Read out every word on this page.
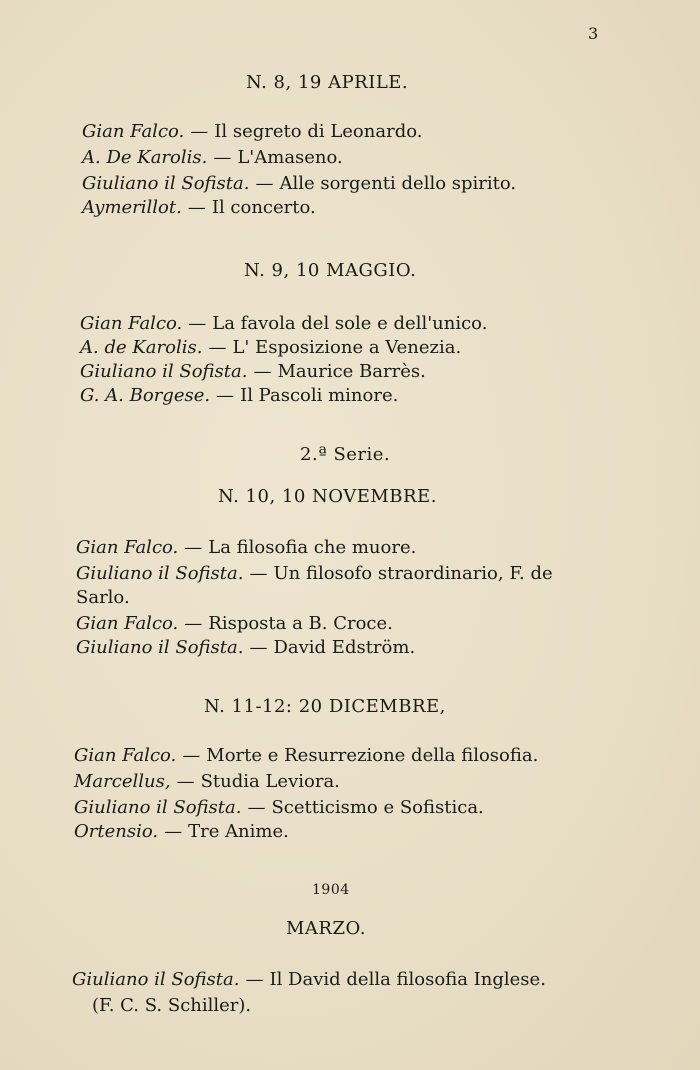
3
N. 8, 19 APRILE.
Gian Falco. — Il segreto di Leonardo.
A. De Karolis. — L'Amaseno.
Giuliano il Sofista. — Alle sorgenti dello spirito.
Aymerillot. — Il concerto.
N. 9, 10 MAGGIO.
Gian Falco. — La favola del sole e dell'unico.
A. de Karolis. — L' Esposizione a Venezia.
Giuliano il Sofista. — Maurice Barrès.
G. A. Borgese. — Il Pascoli minore.
2.ª Serie.
N. 10, 10 NOVEMBRE.
Gian Falco. — La filosofia che muore.
Giuliano il Sofista. — Un filosofo straordinario, F. de
Sarlo.
Gian Falco. — Risposta a B. Croce.
Giuliano il Sofista. — David Edström.
N. 11-12: 20 DICEMBRE,
Gian Falco. — Morte e Resurrezione della filosofia.
Marcellus, — Studia Leviora.
Giuliano il Sofista. — Scetticismo e Sofistica.
Ortensio. — Tre Anime.
1904
MARZO.
Giuliano il Sofista. — Il David della filosofia Inglese.
(F. C. S. Schiller).
